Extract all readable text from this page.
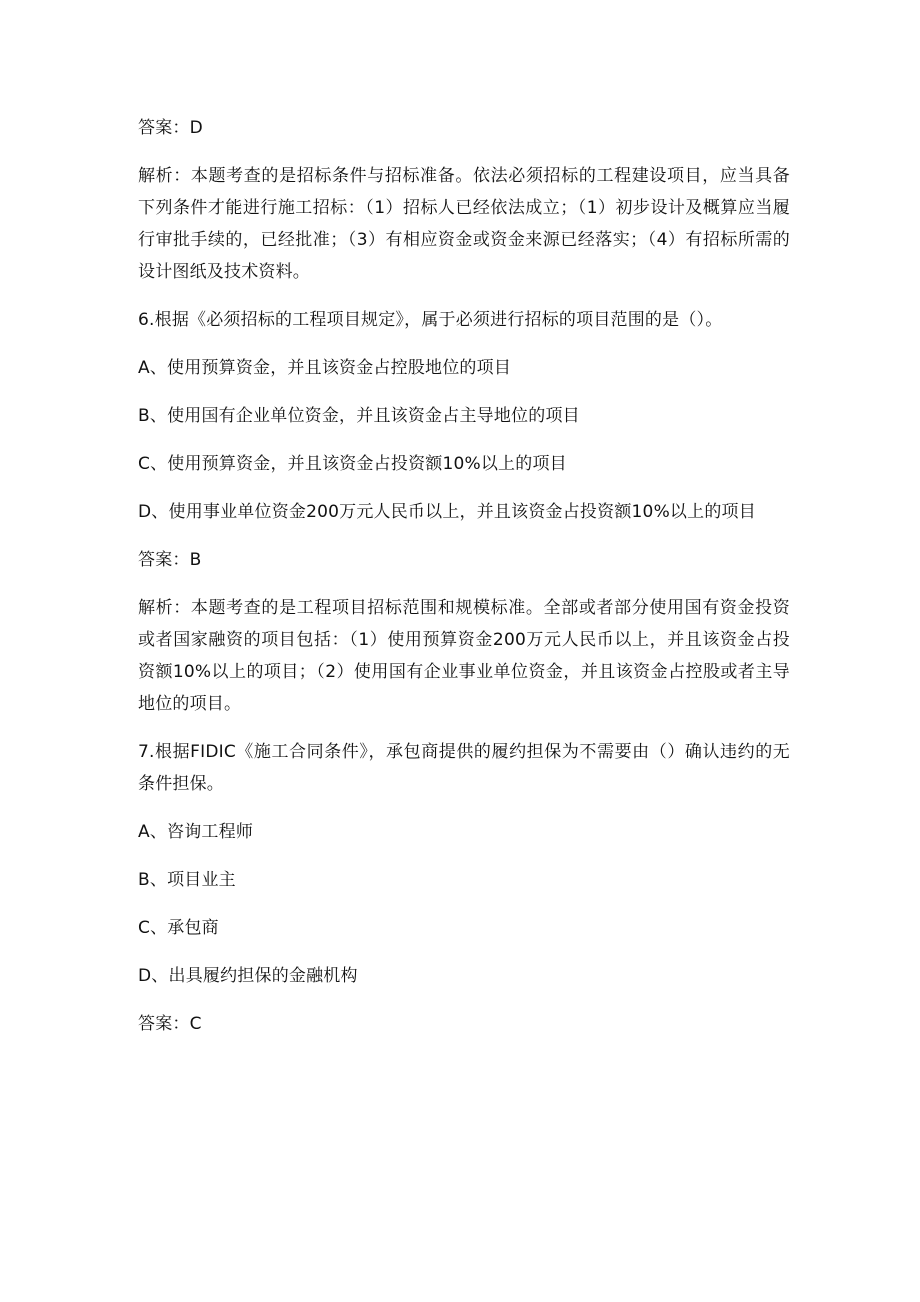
答案：D

解析：本题考查的是招标条件与招标准备。依法必须招标的工程建设项目，应当具备下列条件才能进行施工招标：（1）招标人已经依法成立；（1）初步设计及概算应当履行审批手续的，已经批准；（3）有相应资金或资金来源已经落实；（4）有招标所需的设计图纸及技术资料。

6.根据《必须招标的工程项目规定》，属于必须进行招标的项目范围的是（）。

A、使用预算资金，并且该资金占控股地位的项目

B、使用国有企业单位资金，并且该资金占主导地位的项目

C、使用预算资金，并且该资金占投资额10%以上的项目

D、使用事业单位资金200万元人民币以上，并且该资金占投资额10%以上的项目

答案：B

解析：本题考查的是工程项目招标范围和规模标准。全部或者部分使用国有资金投资或者国家融资的项目包括：（1）使用预算资金200万元人民币以上，并且该资金占投资额10%以上的项目；（2）使用国有企业事业单位资金，并且该资金占控股或者主导地位的项目。

7.根据FIDIC《施工合同条件》，承包商提供的履约担保为不需要由（）确认违约的无条件担保。

A、咨询工程师

B、项目业主

C、承包商

D、出具履约担保的金融机构

答案：C
